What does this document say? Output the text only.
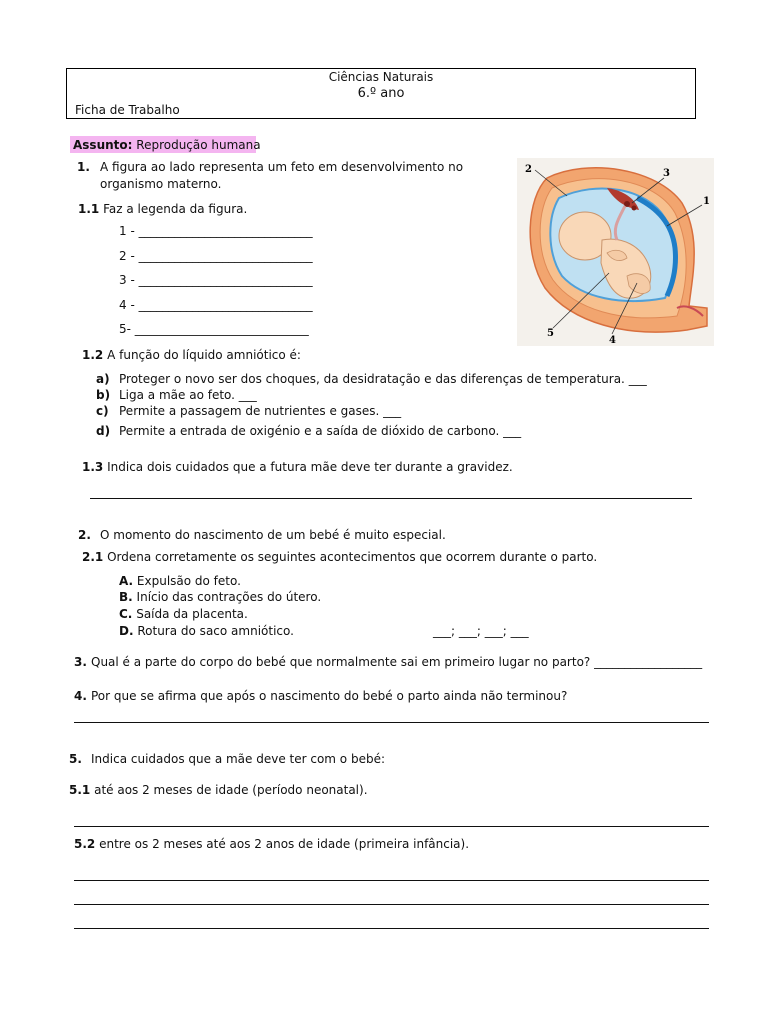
Ciências Naturais
6.º ano
Ficha de Trabalho
Assunto: Reprodução humana
1. A figura ao lado representa um feto em desenvolvimento no
organismo materno.
1.1 Faz a legenda da figura.
1 - _____________________________
2 - _____________________________
3 - _____________________________
4 - _____________________________
5- _____________________________
1
2	3
4
5
1.2 A função do líquido amniótico é:
a) Proteger o novo ser dos choques, da desidratação e das diferenças de temperatura. ___
b) Liga a mãe ao feto. ___
c) Permite a passagem de nutrientes e gases. ___
d) Permite a entrada de oxigénio e a saída de dióxido de carbono. ___
1.3 Indica dois cuidados que a futura mãe deve ter durante a gravidez.
2. O momento do nascimento de um bebé é muito especial.
2.1 Ordena corretamente os seguintes acontecimentos que ocorrem durante o parto.
A. Expulsão do feto.
B. Início das contrações do útero.
C. Saída da placenta.
D. Rotura do saco amniótico.	___; ___; ___; ___
3. Qual é a parte do corpo do bebé que normalmente sai em primeiro lugar no parto? __________________
4. Por que se afirma que após o nascimento do bebé o parto ainda não terminou?
5. Indica cuidados que a mãe deve ter com o bebé:
5.1 até aos 2 meses de idade (período neonatal).
5.2 entre os 2 meses até aos 2 anos de idade (primeira infância).
